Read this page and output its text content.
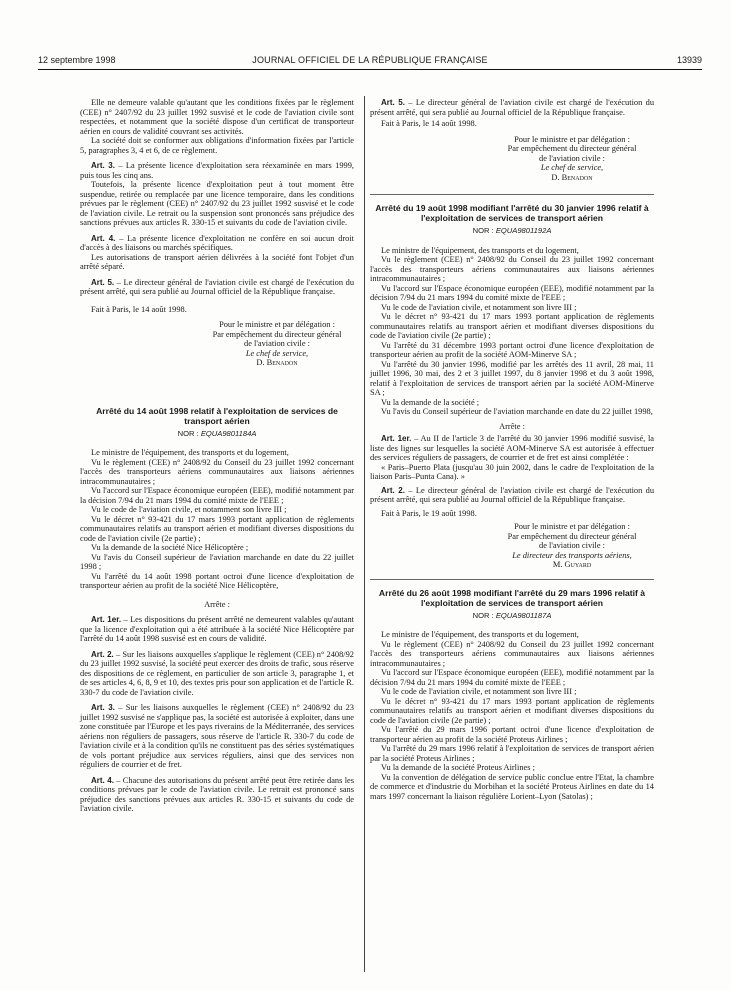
12 septembre 1998	JOURNAL OFFICIEL DE LA RÉPUBLIQUE FRANÇAISE	13939

Elle ne demeure valable qu'autant que les conditions fixées par le règlement (CEE) n° 2407/92 du 23 juillet 1992 susvisé et le code de l'aviation civile sont respectées, et notamment que la société dispose d'un certificat de transporteur aérien en cours de validité couvrant ses activités.

La société doit se conformer aux obligations d'information fixées par l'article 5, paragraphes 3, 4 et 6, de ce règlement.

Art. 3. – La présente licence d'exploitation sera réexaminée en mars 1999, puis tous les cinq ans.

Toutefois, la présente licence d'exploitation peut à tout moment être suspendue, retirée ou remplacée par une licence temporaire, dans les conditions prévues par le règlement (CEE) n° 2407/92 du 23 juillet 1992 susvisé et le code de l'aviation civile. Le retrait ou la suspension sont prononcés sans préjudice des sanctions prévues aux articles R. 330-15 et suivants du code de l'aviation civile.

Art. 4. – La présente licence d'exploitation ne confère en soi aucun droit d'accès à des liaisons ou marchés spécifiques.

Les autorisations de transport aérien délivrées à la société font l'objet d'un arrêté séparé.

Art. 5. – Le directeur général de l'aviation civile est chargé de l'exécution du présent arrêté, qui sera publié au Journal officiel de la République française.

Fait à Paris, le 14 août 1998.

Pour le ministre et par délégation :
Par empêchement du directeur général
de l'aviation civile :
Le chef de service,
D. Benadon
Arrêté du 14 août 1998 relatif à l'exploitation de services de transport aérien
NOR : EQUA9801184A

Le ministre de l'équipement, des transports et du logement,

Vu le règlement (CEE) n° 2408/92 du Conseil du 23 juillet 1992 concernant l'accès des transporteurs aériens communautaires aux liaisons aériennes intracommunautaires ;

Vu l'accord sur l'Espace économique européen (EEE), modifié notamment par la décision 7/94 du 21 mars 1994 du comité mixte de l'EEE ;

Vu le code de l'aviation civile, et notamment son livre III ;

Vu le décret n° 93-421 du 17 mars 1993 portant application de règlements communautaires relatifs au transport aérien et modifiant diverses dispositions du code de l'aviation civile (2e partie) ;

Vu la demande de la société Nice Hélicoptère ;

Vu l'avis du Conseil supérieur de l'aviation marchande en date du 22 juillet 1998 ;

Vu l'arrêté du 14 août 1998 portant octroi d'une licence d'exploitation de transporteur aérien au profit de la société Nice Hélicoptère,

Arrête :

Art. 1er. – Les dispositions du présent arrêté ne demeurent valables qu'autant que la licence d'exploitation qui a été attribuée à la société Nice Hélicoptère par l'arrêté du 14 août 1998 susvisé est en cours de validité.

Art. 2. – Sur les liaisons auxquelles s'applique le règlement (CEE) n° 2408/92 du 23 juillet 1992 susvisé, la société peut exercer des droits de trafic, sous réserve des dispositions de ce règlement, en particulier de son article 3, paragraphe 1, et de ses articles 4, 6, 8, 9 et 10, des textes pris pour son application et de l'article R. 330-7 du code de l'aviation civile.

Art. 3. – Sur les liaisons auxquelles le règlement (CEE) n° 2408/92 du 23 juillet 1992 susvisé ne s'applique pas, la société est autorisée à exploiter, dans une zone constituée par l'Europe et les pays riverains de la Méditerranée, des services aériens non réguliers de passagers, sous réserve de l'article R. 330-7 du code de l'aviation civile et à la condition qu'ils ne constituent pas des séries systématiques de vols portant préjudice aux services réguliers, ainsi que des services non réguliers de courrier et de fret.

Art. 4. – Chacune des autorisations du présent arrêté peut être retirée dans les conditions prévues par le code de l'aviation civile. Le retrait est prononcé sans préjudice des sanctions prévues aux articles R. 330-15 et suivants du code de l'aviation civile.

Art. 5. – Le directeur général de l'aviation civile est chargé de l'exécution du présent arrêté, qui sera publié au Journal officiel de la République française.

Fait à Paris, le 14 août 1998.

Pour le ministre et par délégation :
Par empêchement du directeur général
de l'aviation civile :
Le chef de service,
D. Benadon
Arrêté du 19 août 1998 modifiant l'arrêté du 30 janvier 1996 relatif à l'exploitation de services de transport aérien
NOR : EQUA9801192A

Le ministre de l'équipement, des transports et du logement,

Vu le règlement (CEE) n° 2408/92 du Conseil du 23 juillet 1992 concernant l'accès des transporteurs aériens communautaires aux liaisons aériennes intracommunautaires ;

Vu l'accord sur l'Espace économique européen (EEE), modifié notamment par la décision 7/94 du 21 mars 1994 du comité mixte de l'EEE ;

Vu le code de l'aviation civile, et notamment son livre III ;

Vu le décret n° 93-421 du 17 mars 1993 portant application de règlements communautaires relatifs au transport aérien et modifiant diverses dispositions du code de l'aviation civile (2e partie) ;

Vu l'arrêté du 31 décembre 1993 portant octroi d'une licence d'exploitation de transporteur aérien au profit de la société AOM-Minerve SA ;

Vu l'arrêté du 30 janvier 1996, modifié par les arrêtés des 11 avril, 28 mai, 11 juillet 1996, 30 mai, des 2 et 3 juillet 1997, du 8 janvier 1998 et du 3 août 1998, relatif à l'exploitation de services de transport aérien par la société AOM-Minerve SA ;

Vu la demande de la société ;

Vu l'avis du Conseil supérieur de l'aviation marchande en date du 22 juillet 1998,

Arrête :

Art. 1er. – Au II de l'article 3 de l'arrêté du 30 janvier 1996 modifié susvisé, la liste des lignes sur lesquelles la société AOM-Minerve SA est autorisée à effectuer des services réguliers de passagers, de courrier et de fret est ainsi complétée :

« Paris–Puerto Plata (jusqu'au 30 juin 2002, dans le cadre de l'exploitation de la liaison Paris–Punta Cana). »

Art. 2. – Le directeur général de l'aviation civile est chargé de l'exécution du présent arrêté, qui sera publié au Journal officiel de la République française.

Fait à Paris, le 19 août 1998.

Pour le ministre et par délégation :
Par empêchement du directeur général
de l'aviation civile :
Le directeur des transports aériens,
M. Guyard
Arrêté du 26 août 1998 modifiant l'arrêté du 29 mars 1996 relatif à l'exploitation de services de transport aérien
NOR : EQUA9801187A

Le ministre de l'équipement, des transports et du logement,

Vu le règlement (CEE) n° 2408/92 du Conseil du 23 juillet 1992 concernant l'accès des transporteurs aériens communautaires aux liaisons aériennes intracommunautaires ;

Vu l'accord sur l'Espace économique européen (EEE), modifié notamment par la décision 7/94 du 21 mars 1994 du comité mixte de l'EEE ;

Vu le code de l'aviation civile, et notamment son livre III ;

Vu le décret n° 93-421 du 17 mars 1993 portant application de règlements communautaires relatifs au transport aérien et modifiant diverses dispositions du code de l'aviation civile (2e partie) ;

Vu l'arrêté du 29 mars 1996 portant octroi d'une licence d'exploitation de transporteur aérien au profit de la société Proteus Airlines ;

Vu l'arrêté du 29 mars 1996 relatif à l'exploitation de services de transport aérien par la société Proteus Airlines ;

Vu la demande de la société Proteus Airlines ;

Vu la convention de délégation de service public conclue entre l'Etat, la chambre de commerce et d'industrie du Morbihan et la société Proteus Airlines en date du 14 mars 1997 concernant la liaison régulière Lorient–Lyon (Satolas) ;
